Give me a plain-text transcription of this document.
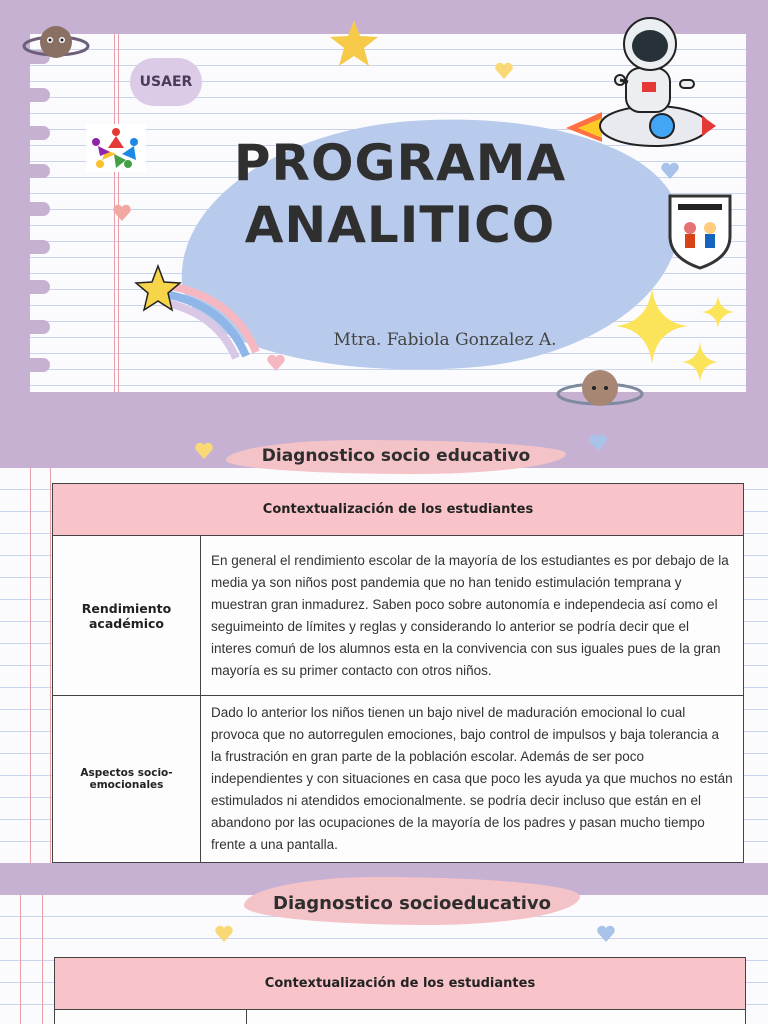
PROGRAMA
ANALITICO
Mtra. Fabiola Gonzalez A.
USAER
Diagnostico socio educativo
Contextualización de los estudiantes	
Rendimiento académico	En general el rendimiento escolar de la mayoría de los estudiantes es por debajo de la media ya son niños post pandemia que no han tenido estimulación temprana y muestran gran inmadurez. Saben poco sobre autonomía e independecia así como el seguimeinto de límites y reglas y considerando lo anterior se podría decir que el interes comuń de los alumnos esta en la convivencia con sus iguales pues de la gran mayoría es su primer contacto con otros niños.
Aspectos socio-emocionales	Dado lo anterior los niños tienen un bajo nivel de maduración emocional lo cual provoca que no autorregulen emociones, bajo control de impulsos y baja tolerancia a la frustración en gran parte de la población escolar. Además de ser poco independientes y con situaciones en casa que poco les ayuda ya que muchos no están estimulados ni atendidos emocionalmente. se podría decir incluso que están en el abandono por las ocupaciones de la mayoría de los padres y pasan mucho tiempo frente a una pantalla.
Diagnostico socioeducativo
Contextualización de los estudiantes
